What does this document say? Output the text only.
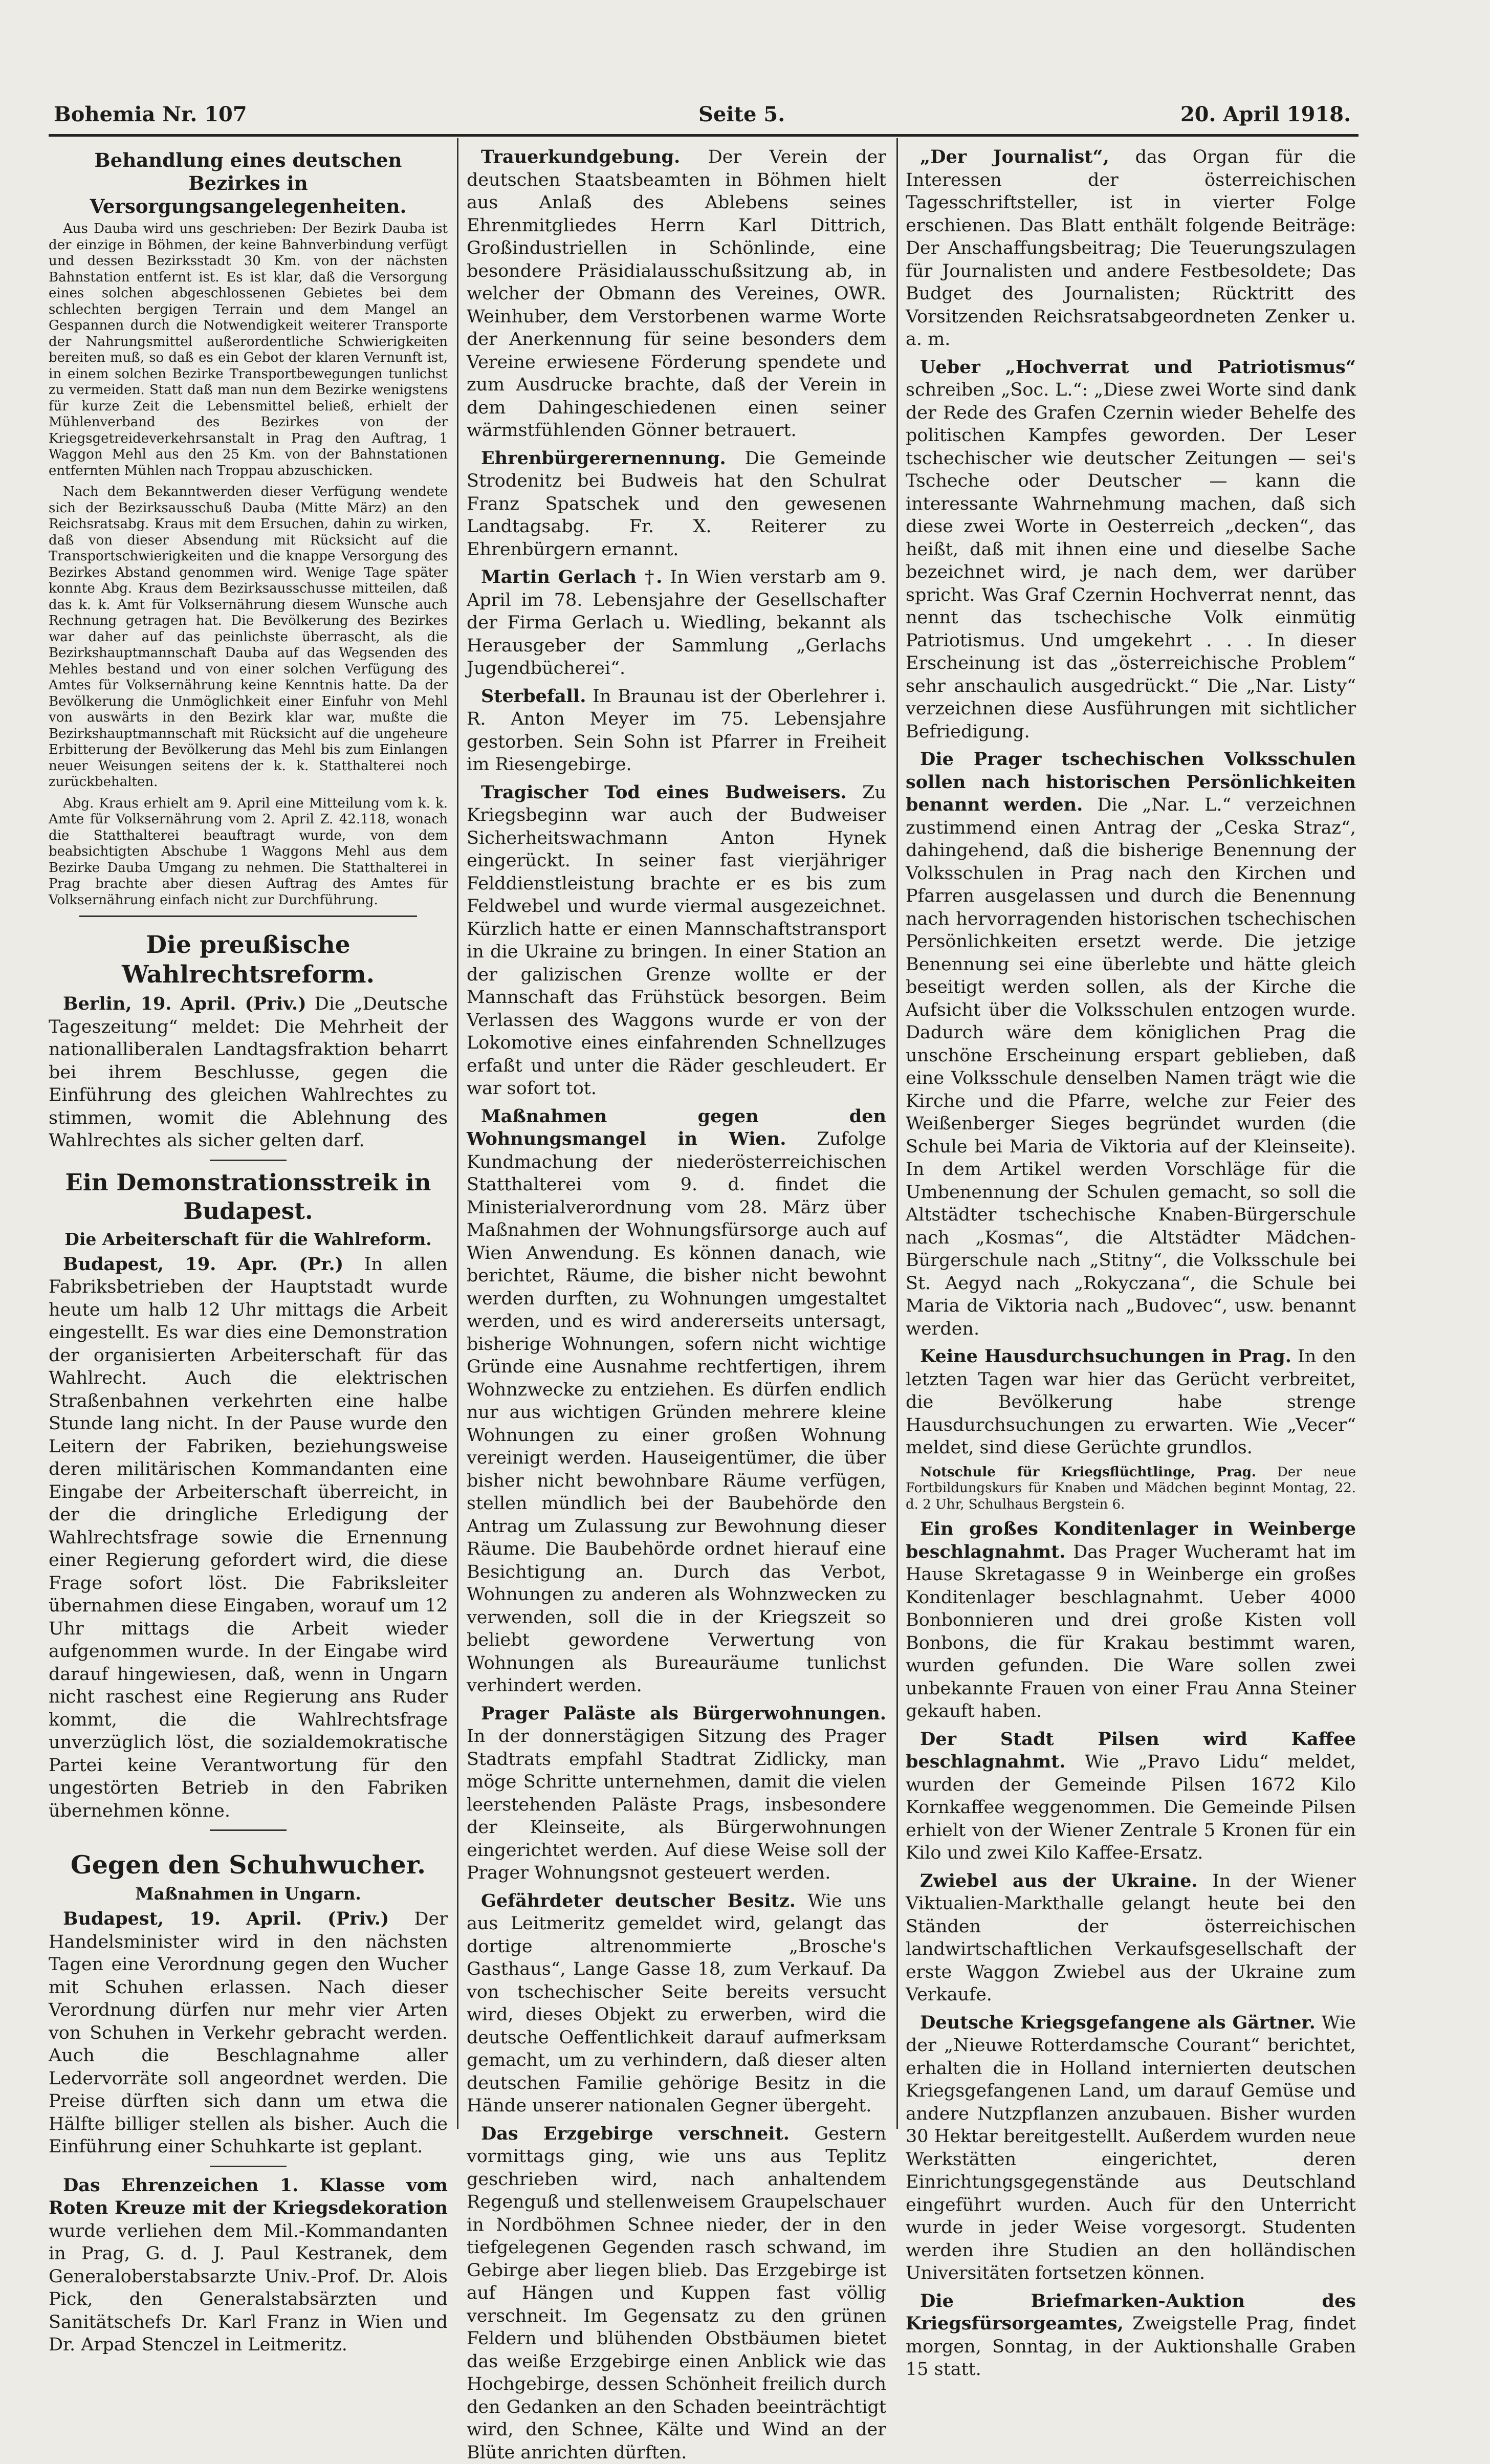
Bohemia Nr. 107	Seite 5.	20. April 1918.
Behandlung eines deutschen Bezirkes in Versorgungsangelegenheiten.

Aus Dauba wird uns geschrieben: Der Bezirk Dauba ist der einzige in Böhmen, der keine Bahnverbindung verfügt und dessen Bezirksstadt 30 Km. von der nächsten Bahnstation entfernt ist. Es ist klar, daß die Versorgung eines solchen abgeschlossenen Gebietes bei dem schlechten bergigen Terrain und dem Mangel an Gespannen durch die Notwendigkeit weiterer Transporte der Nahrungsmittel außerordentliche Schwierigkeiten bereiten muß, so daß es ein Gebot der klaren Vernunft ist, in einem solchen Bezirke Transportbewegungen tunlichst zu vermeiden. Statt daß man nun dem Bezirke wenigstens für kurze Zeit die Lebensmittel beließ, erhielt der Mühlenverband des Bezirkes von der Kriegsgetreideverkehrsanstalt in Prag den Auftrag, 1 Waggon Mehl aus den 25 Km. von der Bahnstationen entfernten Mühlen nach Troppau abzuschicken.

Nach dem Bekanntwerden dieser Verfügung wendete sich der Bezirksausschuß Dauba (Mitte März) an den Reichsratsabg. Kraus mit dem Ersuchen, dahin zu wirken, daß von dieser Absendung mit Rücksicht auf die Transportschwierigkeiten und die knappe Versorgung des Bezirkes Abstand genommen wird. Wenige Tage später konnte Abg. Kraus dem Bezirksausschusse mitteilen, daß das k. k. Amt für Volksernährung diesem Wunsche auch Rechnung getragen hat. Die Bevölkerung des Bezirkes war daher auf das peinlichste überrascht, als die Bezirkshauptmannschaft Dauba auf das Wegsenden des Mehles bestand und von einer solchen Verfügung des Amtes für Volksernährung keine Kenntnis hatte. Da der Bevölkerung die Unmöglichkeit einer Einfuhr von Mehl von auswärts in den Bezirk klar war, mußte die Bezirkshauptmannschaft mit Rücksicht auf die ungeheure Erbitterung der Bevölkerung das Mehl bis zum Einlangen neuer Weisungen seitens der k. k. Statthalterei noch zurückbehalten.

Abg. Kraus erhielt am 9. April eine Mitteilung vom k. k. Amte für Volksernährung vom 2. April Z. 42.118, wonach die Statthalterei beauftragt wurde, von dem beabsichtigten Abschube 1 Waggons Mehl aus dem Bezirke Dauba Umgang zu nehmen. Die Statthalterei in Prag brachte aber diesen Auftrag des Amtes für Volksernährung einfach nicht zur Durchführung.

Die preußische Wahlrechtsreform.

Berlin, 19. April. (Priv.) Die „Deutsche Tageszeitung“ meldet: Die Mehrheit der nationalliberalen Landtagsfraktion beharrt bei ihrem Beschlusse, gegen die Einführung des gleichen Wahlrechtes zu stimmen, womit die Ablehnung des Wahlrechtes als sicher gelten darf.

Ein Demonstrationsstreik in Budapest.
Die Arbeiterschaft für die Wahlreform.

Budapest, 19. Apr. (Pr.) In allen Fabriksbetrieben der Hauptstadt wurde heute um halb 12 Uhr mittags die Arbeit eingestellt. Es war dies eine Demonstration der organisierten Arbeiterschaft für das Wahlrecht. Auch die elektrischen Straßenbahnen verkehrten eine halbe Stunde lang nicht. In der Pause wurde den Leitern der Fabriken, beziehungsweise deren militärischen Kommandanten eine Eingabe der Arbeiterschaft überreicht, in der die dringliche Erledigung der Wahlrechtsfrage sowie die Ernennung einer Regierung gefordert wird, die diese Frage sofort löst. Die Fabriksleiter übernahmen diese Eingaben, worauf um 12 Uhr mittags die Arbeit wieder aufgenommen wurde. In der Eingabe wird darauf hingewiesen, daß, wenn in Ungarn nicht raschest eine Regierung ans Ruder kommt, die die Wahlrechtsfrage unverzüglich löst, die sozialdemokratische Partei keine Verantwortung für den ungestörten Betrieb in den Fabriken übernehmen könne.

Gegen den Schuhwucher.
Maßnahmen in Ungarn.

Budapest, 19. April. (Priv.) Der Handelsminister wird in den nächsten Tagen eine Verordnung gegen den Wucher mit Schuhen erlassen. Nach dieser Verordnung dürfen nur mehr vier Arten von Schuhen in Verkehr gebracht werden. Auch die Beschlagnahme aller Ledervorräte soll angeordnet werden. Die Preise dürften sich dann um etwa die Hälfte billiger stellen als bisher. Auch die Einführung einer Schuhkarte ist geplant.

Das Ehrenzeichen 1. Klasse vom Roten Kreuze mit der Kriegsdekoration wurde verliehen dem Mil.-Kommandanten in Prag, G. d. J. Paul Kestranek, dem Generaloberstabsarzte Univ.-Prof. Dr. Alois Pick, den Generalstabsärzten und Sanitätschefs Dr. Karl Franz in Wien und Dr. Arpad Stenczel in Leitmeritz.

Trauerkundgebung. Der Verein der deutschen Staatsbeamten in Böhmen hielt aus Anlaß des Ablebens seines Ehrenmitgliedes Herrn Karl Dittrich, Großindustriellen in Schönlinde, eine besondere Präsidialausschußsitzung ab, in welcher der Obmann des Vereines, OWR. Weinhuber, dem Verstorbenen warme Worte der Anerkennung für seine besonders dem Vereine erwiesene Förderung spendete und zum Ausdrucke brachte, daß der Verein in dem Dahingeschiedenen einen seiner wärmstfühlenden Gönner betrauert.

Ehrenbürgerernennung. Die Gemeinde Strodenitz bei Budweis hat den Schulrat Franz Spatschek und den gewesenen Landtagsabg. Fr. X. Reiterer zu Ehrenbürgern ernannt.

Martin Gerlach †. In Wien verstarb am 9. April im 78. Lebensjahre der Gesellschafter der Firma Gerlach u. Wiedling, bekannt als Herausgeber der Sammlung „Gerlachs Jugendbücherei“.

Sterbefall. In Braunau ist der Oberlehrer i. R. Anton Meyer im 75. Lebensjahre gestorben. Sein Sohn ist Pfarrer in Freiheit im Riesengebirge.

Tragischer Tod eines Budweisers. Zu Kriegsbeginn war auch der Budweiser Sicherheitswachmann Anton Hynek eingerückt. In seiner fast vierjähriger Felddienstleistung brachte er es bis zum Feldwebel und wurde viermal ausgezeichnet. Kürzlich hatte er einen Mannschaftstransport in die Ukraine zu bringen. In einer Station an der galizischen Grenze wollte er der Mannschaft das Frühstück besorgen. Beim Verlassen des Waggons wurde er von der Lokomotive eines einfahrenden Schnellzuges erfaßt und unter die Räder geschleudert. Er war sofort tot.

Maßnahmen gegen den Wohnungsmangel in Wien. Zufolge Kundmachung der niederösterreichischen Statthalterei vom 9. d. findet die Ministerialverordnung vom 28. März über Maßnahmen der Wohnungsfürsorge auch auf Wien Anwendung. Es können danach, wie berichtet, Räume, die bisher nicht bewohnt werden durften, zu Wohnungen umgestaltet werden, und es wird andererseits untersagt, bisherige Wohnungen, sofern nicht wichtige Gründe eine Ausnahme rechtfertigen, ihrem Wohnzwecke zu entziehen. Es dürfen endlich nur aus wichtigen Gründen mehrere kleine Wohnungen zu einer großen Wohnung vereinigt werden. Hauseigentümer, die über bisher nicht bewohnbare Räume verfügen, stellen mündlich bei der Baubehörde den Antrag um Zulassung zur Bewohnung dieser Räume. Die Baubehörde ordnet hierauf eine Besichtigung an. Durch das Verbot, Wohnungen zu anderen als Wohnzwecken zu verwenden, soll die in der Kriegszeit so beliebt gewordene Verwertung von Wohnungen als Bureauräume tunlichst verhindert werden.

Prager Paläste als Bürgerwohnungen. In der donnerstägigen Sitzung des Prager Stadtrats empfahl Stadtrat Zidlicky, man möge Schritte unternehmen, damit die vielen leerstehenden Paläste Prags, insbesondere der Kleinseite, als Bürgerwohnungen eingerichtet werden. Auf diese Weise soll der Prager Wohnungsnot gesteuert werden.

Gefährdeter deutscher Besitz. Wie uns aus Leitmeritz gemeldet wird, gelangt das dortige altrenommierte „Brosche's Gasthaus“, Lange Gasse 18, zum Verkauf. Da von tschechischer Seite bereits versucht wird, dieses Objekt zu erwerben, wird die deutsche Oeffentlichkeit darauf aufmerksam gemacht, um zu verhindern, daß dieser alten deutschen Familie gehörige Besitz in die Hände unserer nationalen Gegner übergeht.

Das Erzgebirge verschneit. Gestern vormittags ging, wie uns aus Teplitz geschrieben wird, nach anhaltendem Regenguß und stellenweisem Graupelschauer in Nordböhmen Schnee nieder, der in den tiefgelegenen Gegenden rasch schwand, im Gebirge aber liegen blieb. Das Erzgebirge ist auf Hängen und Kuppen fast völlig verschneit. Im Gegensatz zu den grünen Feldern und blühenden Obstbäumen bietet das weiße Erzgebirge einen Anblick wie das Hochgebirge, dessen Schönheit freilich durch den Gedanken an den Schaden beeinträchtigt wird, den Schnee, Kälte und Wind an der Blüte anrichten dürften.

„Der Journalist“, das Organ für die Interessen der österreichischen Tagesschriftsteller, ist in vierter Folge erschienen. Das Blatt enthält folgende Beiträge: Der Anschaffungsbeitrag; Die Teuerungszulagen für Journalisten und andere Festbesoldete; Das Budget des Journalisten; Rücktritt des Vorsitzenden Reichsratsabgeordneten Zenker u. a. m.

Ueber „Hochverrat und Patriotismus“ schreiben „Soc. L.“: „Diese zwei Worte sind dank der Rede des Grafen Czernin wieder Behelfe des politischen Kampfes geworden. Der Leser tschechischer wie deutscher Zeitungen — sei's Tscheche oder Deutscher — kann die interessante Wahrnehmung machen, daß sich diese zwei Worte in Oesterreich „decken“, das heißt, daß mit ihnen eine und dieselbe Sache bezeichnet wird, je nach dem, wer darüber spricht. Was Graf Czernin Hochverrat nennt, das nennt das tschechische Volk einmütig Patriotismus. Und umgekehrt . . . In dieser Erscheinung ist das „österreichische Problem“ sehr anschaulich ausgedrückt.“ Die „Nar. Listy“ verzeichnen diese Ausführungen mit sichtlicher Befriedigung.

Die Prager tschechischen Volksschulen sollen nach historischen Persönlichkeiten benannt werden. Die „Nar. L.“ verzeichnen zustimmend einen Antrag der „Ceska Straz“, dahingehend, daß die bisherige Benennung der Volksschulen in Prag nach den Kirchen und Pfarren ausgelassen und durch die Benennung nach hervorragenden historischen tschechischen Persönlichkeiten ersetzt werde. Die jetzige Benennung sei eine überlebte und hätte gleich beseitigt werden sollen, als der Kirche die Aufsicht über die Volksschulen entzogen wurde. Dadurch wäre dem königlichen Prag die unschöne Erscheinung erspart geblieben, daß eine Volksschule denselben Namen trägt wie die Kirche und die Pfarre, welche zur Feier des Weißenberger Sieges begründet wurden (die Schule bei Maria de Viktoria auf der Kleinseite). In dem Artikel werden Vorschläge für die Umbenennung der Schulen gemacht, so soll die Altstädter tschechische Knaben-Bürgerschule nach „Kosmas“, die Altstädter Mädchen-Bürgerschule nach „Stitny“, die Volksschule bei St. Aegyd nach „Rokyczana“, die Schule bei Maria de Viktoria nach „Budovec“, usw. benannt werden.

Keine Hausdurchsuchungen in Prag. In den letzten Tagen war hier das Gerücht verbreitet, die Bevölkerung habe strenge Hausdurchsuchungen zu erwarten. Wie „Vecer“ meldet, sind diese Gerüchte grundlos.

Notschule für Kriegsflüchtlinge, Prag. Der neue Fortbildungskurs für Knaben und Mädchen beginnt Montag, 22. d. 2 Uhr, Schulhaus Bergstein 6.

Ein großes Konditenlager in Weinberge beschlagnahmt. Das Prager Wucheramt hat im Hause Skretagasse 9 in Weinberge ein großes Konditenlager beschlagnahmt. Ueber 4000 Bonbonnieren und drei große Kisten voll Bonbons, die für Krakau bestimmt waren, wurden gefunden. Die Ware sollen zwei unbekannte Frauen von einer Frau Anna Steiner gekauft haben.

Der Stadt Pilsen wird Kaffee beschlagnahmt. Wie „Pravo Lidu“ meldet, wurden der Gemeinde Pilsen 1672 Kilo Kornkaffee weggenommen. Die Gemeinde Pilsen erhielt von der Wiener Zentrale 5 Kronen für ein Kilo und zwei Kilo Kaffee-Ersatz.

Zwiebel aus der Ukraine. In der Wiener Viktualien-Markthalle gelangt heute bei den Ständen der österreichischen landwirtschaftlichen Verkaufsgesellschaft der erste Waggon Zwiebel aus der Ukraine zum Verkaufe.

Deutsche Kriegsgefangene als Gärtner. Wie der „Nieuwe Rotterdamsche Courant“ berichtet, erhalten die in Holland internierten deutschen Kriegsgefangenen Land, um darauf Gemüse und andere Nutzpflanzen anzubauen. Bisher wurden 30 Hektar bereitgestellt. Außerdem wurden neue Werkstätten eingerichtet, deren Einrichtungsgegenstände aus Deutschland eingeführt wurden. Auch für den Unterricht wurde in jeder Weise vorgesorgt. Studenten werden ihre Studien an den holländischen Universitäten fortsetzen können.

Die Briefmarken-Auktion des Kriegsfürsorgeamtes, Zweigstelle Prag, findet morgen, Sonntag, in der Auktionshalle Graben 15 statt.
